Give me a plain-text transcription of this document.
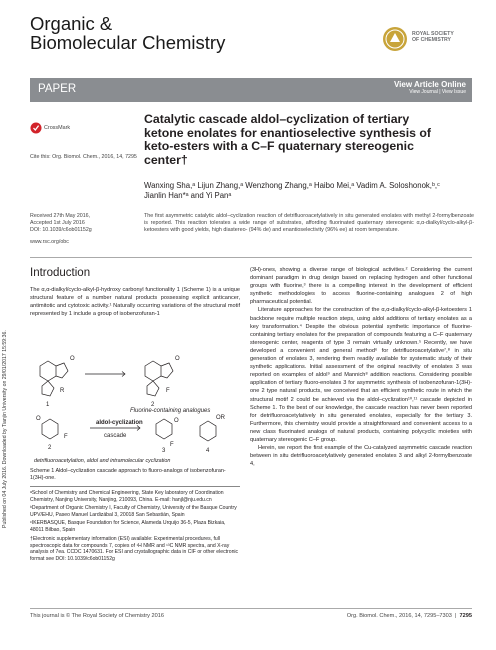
Published on 04 July 2016. Downloaded by Tianjin University on 29/01/2017 15:59:36.
Organic &
Biomolecular Chemistry	ROYAL SOCIETY
OF CHEMISTRY
PAPER	View Article Online
View Journal | View Issue
CrossMark
Cite this: Org. Biomol. Chem., 2016, 14, 7295
Catalytic cascade aldol–cyclization of tertiary ketone enolates for enantioselective synthesis of keto-esters with a C–F quaternary stereogenic center†
Wanxing Sha,ᵃ Lijun Zhang,ᵃ Wenzhong Zhang,ᵃ Haibo Mei,ᵃ Vadim A. Soloshonok,ᵇ,ᶜ Jianlin Han*ᵃ and Yi Panᵃ
Received 27th May 2016,
Accepted 1st July 2016
DOI: 10.1039/c6ob01152g
www.rsc.org/obc
The first asymmetric catalytic aldol–cyclization reaction of detrifluoroacetylatively in situ generated enolates with methyl 2-formylbenzoate is reported. This reaction tolerates a wide range of substrates, affording fluorinated quaternary stereogenic α,α-dialkyl/cyclo-alkyl-β-ketoesters with good yields, high diastereo- (94% de) and enantioselectivity (96% ee) at room temperature.
Introduction
The α,α-dialkyl/cyclo-alkyl-β-hydroxy carbonyl functionality 1 (Scheme 1) is a unique structural feature of a number natural products possessing explicit anticancer, antimitotic and cytotoxic activity.¹ Naturally occurring variations of the structural motif represented by 1 include a group of isobenzofuran-1
O
R
1
O
F
2
Fluorine-containing analogues
O
F
2
aldol-cyclization
cascade
O
F
3
OR
4
detrifluoroacetylation, aldol and intramolecular cyclization
Scheme 1 Aldol–cyclization cascade approach to fluoro-analogs of isobenzofuran-1(3H)-one.

ᵃSchool of Chemistry and Chemical Engineering, State Key laboratory of Coordination Chemistry, Nanjing University, Nanjing, 210093, China. E-mail: hanjl@nju.edu.cn

ᵇDepartment of Organic Chemistry I, Faculty of Chemistry, University of the Basque Country UPV/EHU, Paseo Manuel Lardizábal 3, 20018 San Sebastián, Spain

ᶜIKERBASQUE, Basque Foundation for Science, Alameda Urquijo 36-5, Plaza Bizkaia, 48011 Bilbao, Spain

†Electronic supplementary information (ESI) available: Experimental procedures, full spectroscopic data for compounds 7, copies of ¹H NMR and ¹³C NMR spectra, and X-ray analysis of 7ea. CCDC 1470631. For ESI and crystallographic data in CIF or other electronic format see DOI: 10.1039/c6ob01152g

(3H)-ones, showing a diverse range of biological activities.² Considering the current dominant paradigm in drug design based on replacing hydrogen and other functional groups with fluorine,³ there is a compelling interest in the development of efficient synthetic methodologies to access fluorine-containing analogues 2 of high pharmaceutical potential.

Literature approaches for the construction of the α,α-dialkyl/cyclo-alkyl-β-ketoesters 1 backbone require multiple reaction steps, using aldol additions of tertiary enolates as a key transformation.⁴ Despite the obvious potential synthetic importance of fluorine-containing tertiary enolates for the preparation of compounds featuring a C–F quaternary stereogenic center, reagents of type 3 remain virtually unknown.⁵ Recently, we have developed a convenient and general method⁶ for detrifluoroacetylative⁷,⁸ in situ generation of enolates 3, rendering them readily available for systematic study of their synthetic applications. Initial assessment of the original reactivity of enolates 3 was reported on examples of aldol⁹ and Mannich⁸ addition reactions. Considering possible application of tertiary fluoro-enolates 3 for asymmetric synthesis of isobenzofuran-1(3H)-one 2 type natural products, we conceived that an efficient synthetic route in which the structural motif 2 could be achieved via the aldol–cyclization¹⁰,¹¹ cascade depicted in Scheme 1. To the best of our knowledge, the cascade reaction has never been reported for detrifluoroacetylatively in situ generated enolates, especially for the tertiary 3. Furthermore, this chemistry would provide a straightforward and convenient access to a new class fluorinated analogs of natural products, containing polycyclic moieties with quaternary stereogenic C–F group.

Herein, we report the first example of the Cu-catalyzed asymmetric cascade reaction between in situ detrifluoroacetylatively generated enolates 3 and alkyl 2-formylbenzoate 4,

This journal is © The Royal Society of Chemistry 2016	Org. Biomol. Chem., 2016, 14, 7295–7303  |  7295
